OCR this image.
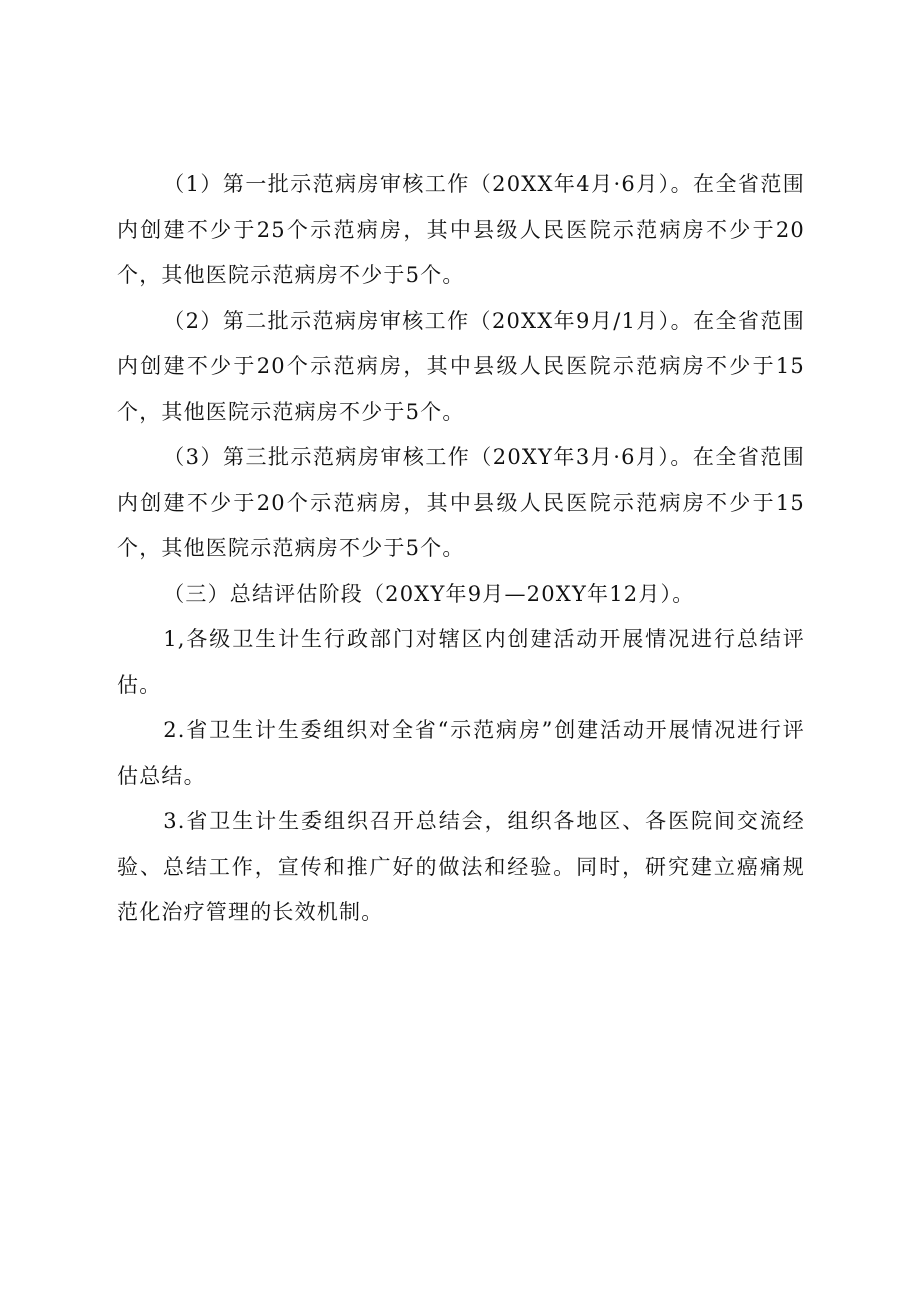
（1）第一批示范病房审核工作（20XX年4月·6月）。在全省范围内创建不少于25个示范病房，其中县级人民医院示范病房不少于20个，其他医院示范病房不少于5个。

（2）第二批示范病房审核工作（20XX年9月/1月）。在全省范围内创建不少于20个示范病房，其中县级人民医院示范病房不少于15个，其他医院示范病房不少于5个。

（3）第三批示范病房审核工作（20XY年3月·6月）。在全省范围内创建不少于20个示范病房，其中县级人民医院示范病房不少于15个，其他医院示范病房不少于5个。

（三）总结评估阶段（20XY年9月—20XY年12月）。

1,各级卫生计生行政部门对辖区内创建活动开展情况进行总结评估。

2.省卫生计生委组织对全省“示范病房”创建活动开展情况进行评估总结。

3.省卫生计生委组织召开总结会，组织各地区、各医院间交流经验、总结工作，宣传和推广好的做法和经验。同时，研究建立癌痛规范化治疗管理的长效机制。
